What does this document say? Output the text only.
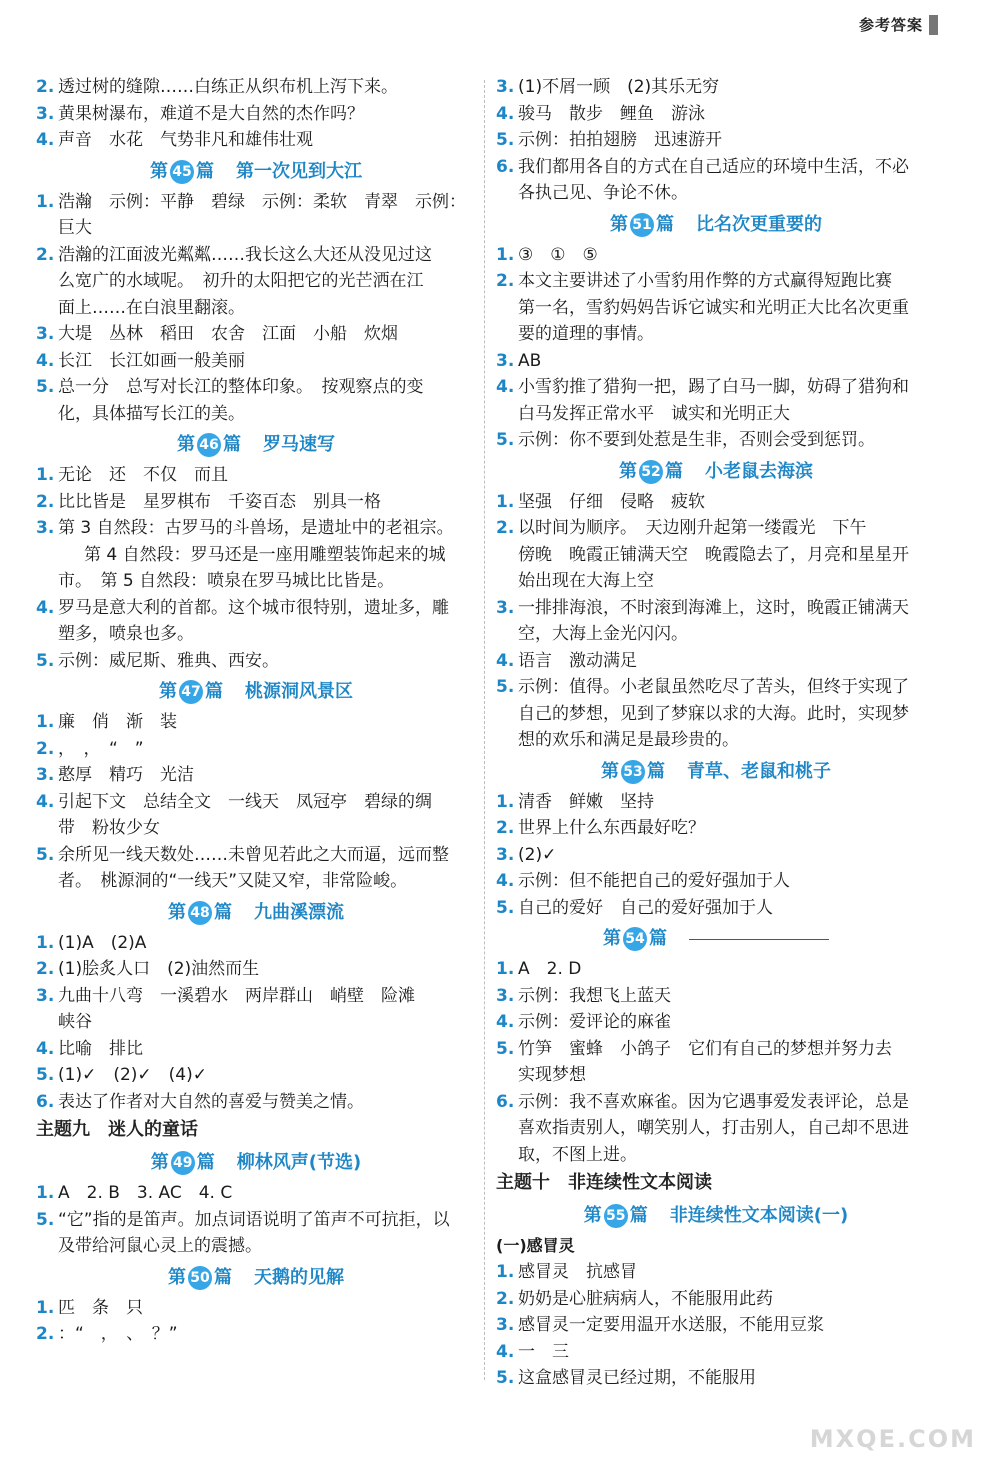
参考答案
2. 透过树的缝隙……白练正从织布机上泻下来。
3. 黄果树瀑布，难道不是大自然的杰作吗？
4. 声音　水花　气势非凡和雄伟壮观
第 45 篇 第一次见到大江
1. 浩瀚　示例：平静　碧绿　示例：柔软　青翠　示例：
巨大
2. 浩瀚的江面波光粼粼……我长这么大还从没见过这
么宽广的水域呢。　初升的太阳把它的光芒洒在江
面上……在白浪里翻滚。
3. 大堤　丛林　稻田　农舍　江面　小船　炊烟
4. 长江　长江如画一般美丽
5. 总一分　总写对长江的整体印象。　按观察点的变
化，具体描写长江的美。
第 46 篇 罗马速写
1. 无论　还　不仅　而且
2. 比比皆是　星罗棋布　千姿百态　别具一格
3. 第 3 自然段：古罗马的斗兽场，是遗址中的老祖宗。
第 4 自然段：罗马还是一座用雕塑装饰起来的城
市。　第 5 自然段：喷泉在罗马城比比皆是。
4. 罗马是意大利的首都。这个城市很特别，遗址多，雕
塑多，喷泉也多。
5. 示例：威尼斯、雅典、西安。
第 47 篇 桃源洞风景区
1. 廉　俏　渐　装
2. ，　，　“　”
3. 憨厚　精巧　光洁
4. 引起下文　总结全文　一线天　凤冠亭　碧绿的绸
带　粉妆少女
5. 余所见一线天数处……未曾见若此之大而逼，远而整
者。　桃源洞的“一线天”又陡又窄，非常险峻。
第 48 篇 九曲溪漂流
1. (1)A　(2)A
2. (1)脍炙人口　(2)油然而生
3. 九曲十八弯　一溪碧水　两岸群山　峭壁　险滩
峡谷
4. 比喻　排比
5. (1)✓　(2)✓　(4)✓
6. 表达了作者对大自然的喜爱与赞美之情。
主题九　迷人的童话
第 49 篇 柳林风声(节选)
1. A　2. B　3. AC　4. C
5. “它”指的是笛声。加点词语说明了笛声不可抗拒，以
及带给河鼠心灵上的震撼。
第 50 篇 天鹅的见解
1. 匹　条　只
2. ：“　，　、　？”
3. (1)不屑一顾　(2)其乐无穷
4. 骏马　散步　鲤鱼　游泳
5. 示例：拍拍翅膀　迅速游开
6. 我们都用各自的方式在自己适应的环境中生活，不必
各执己见、争论不休。
第 51 篇 比名次更重要的
1. ③　①　⑤
2. 本文主要讲述了小雪豹用作弊的方式赢得短跑比赛
第一名，雪豹妈妈告诉它诚实和光明正大比名次更重
要的道理的事情。
3. AB
4. 小雪豹推了猎狗一把，踢了白马一脚，妨碍了猎狗和
白马发挥正常水平　诚实和光明正大
5. 示例：你不要到处惹是生非，否则会受到惩罚。
第 52 篇 小老鼠去海滨
1. 坚强　仔细　侵略　疲软
2. 以时间为顺序。　天边刚升起第一缕霞光　下午
傍晚　晚霞正铺满天空　晚霞隐去了，月亮和星星开
始出现在大海上空
3. 一排排海浪，不时滚到海滩上，这时，晚霞正铺满天
空，大海上金光闪闪。
4. 语言　激动满足
5. 示例：值得。小老鼠虽然吃尽了苦头，但终于实现了
自己的梦想，见到了梦寐以求的大海。此时，实现梦
想的欢乐和满足是最珍贵的。
第 53 篇 青草、老鼠和桃子
1. 清香　鲜嫩　坚持
2. 世界上什么东西最好吃？
3. (2)✓
4. 示例：但不能把自己的爱好强加于人
5. 自己的爱好　自己的爱好强加于人
第 54 篇
1. A　2. D
3. 示例：我想飞上蓝天
4. 示例：爱评论的麻雀
5. 竹笋　蜜蜂　小鸽子　它们有自己的梦想并努力去
实现梦想
6. 示例：我不喜欢麻雀。因为它遇事爱发表评论，总是
喜欢指责别人，嘲笑别人，打击别人，自己却不思进
取，不图上进。
主题十　非连续性文本阅读
第 55 篇 非连续性文本阅读(一)
(一)感冒灵
1. 感冒灵　抗感冒
2. 奶奶是心脏病病人，不能服用此药
3. 感冒灵一定要用温开水送服，不能用豆浆
4. 一　三
5. 这盒感冒灵已经过期，不能服用
MXQE.COM
